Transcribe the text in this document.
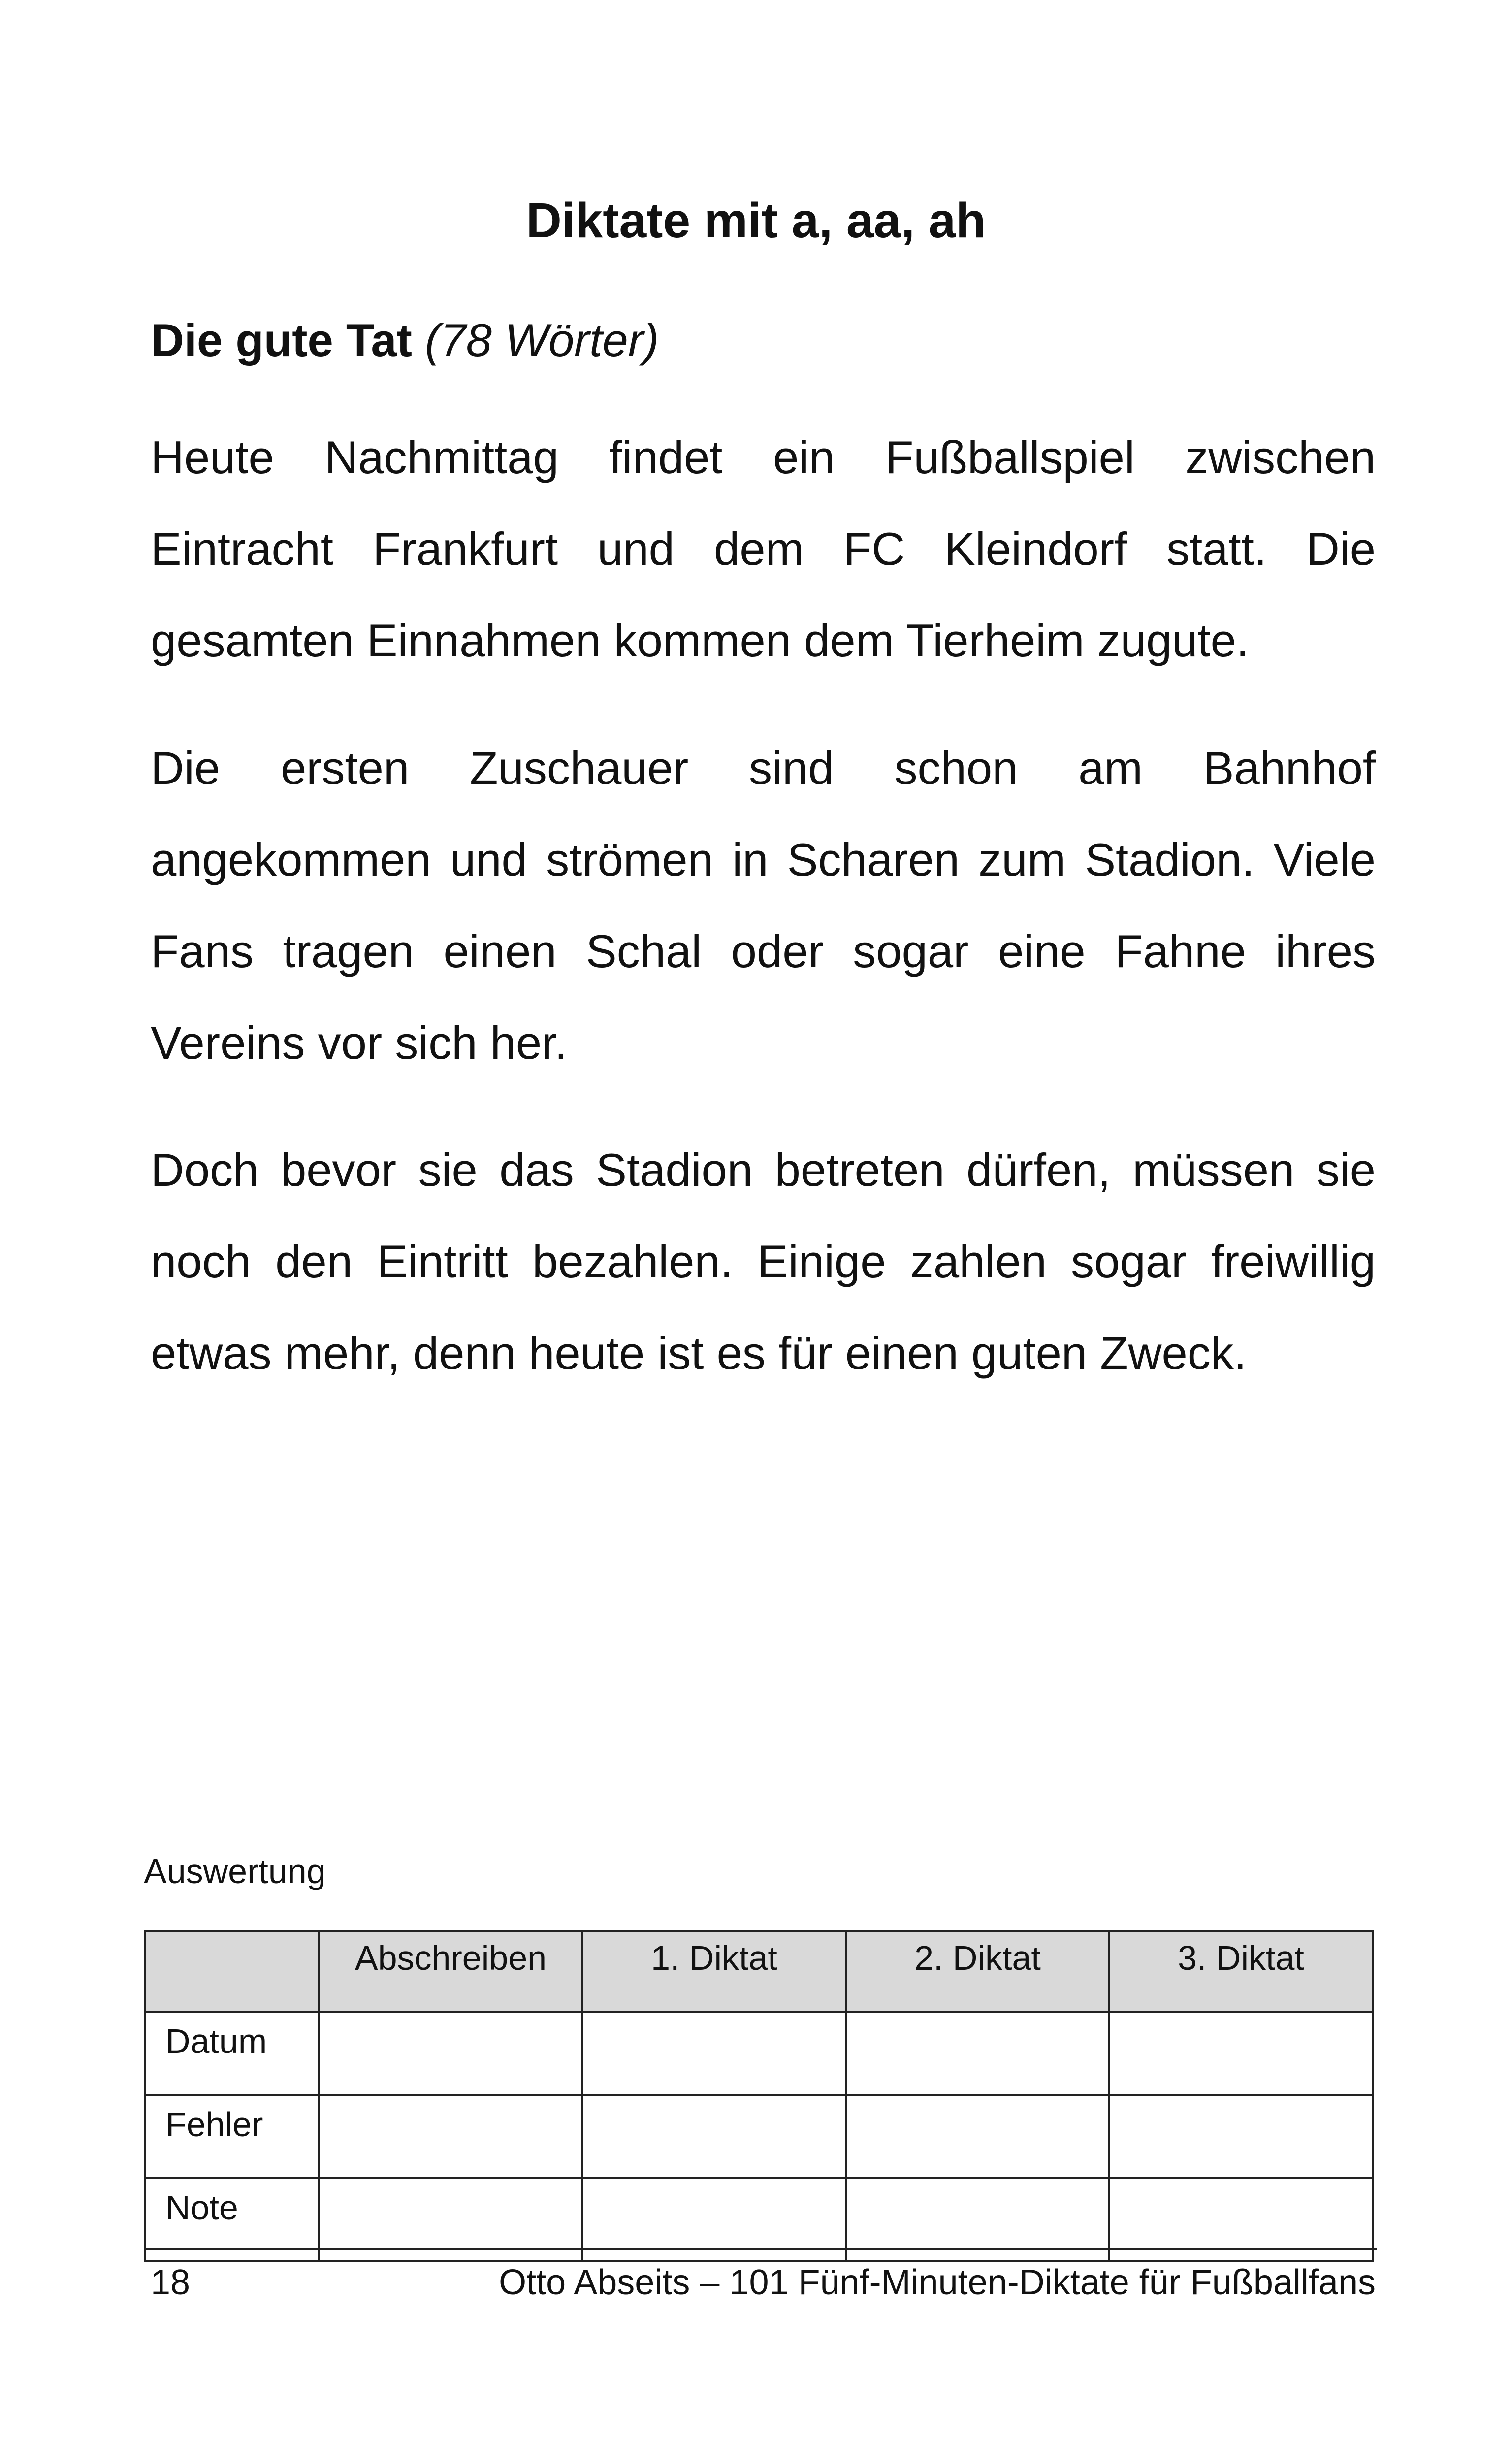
Diktate mit a, aa, ah

Die gute Tat (78 Wörter)

Heute Nachmittag findet ein Fußballspiel zwischen Eintracht Frankfurt und dem FC Kleindorf statt. Die gesamten Einnahmen kommen dem Tierheim zugute.

Die ersten Zuschauer sind schon am Bahnhof angekommen und strömen in Scharen zum Stadion. Viele Fans tragen einen Schal oder sogar eine Fahne ihres Vereins vor sich her.

Doch bevor sie das Stadion betreten dürfen, müssen sie noch den Eintritt bezahlen. Einige zahlen sogar freiwillig etwas mehr, denn heute ist es für einen guten Zweck.

Auswertung

	Abschreiben	1. Diktat	2. Diktat	3. Diktat
Datum				
Fehler				
Note				

18	Otto Abseits – 101 Fünf-Minuten-Diktate für Fußballfans
